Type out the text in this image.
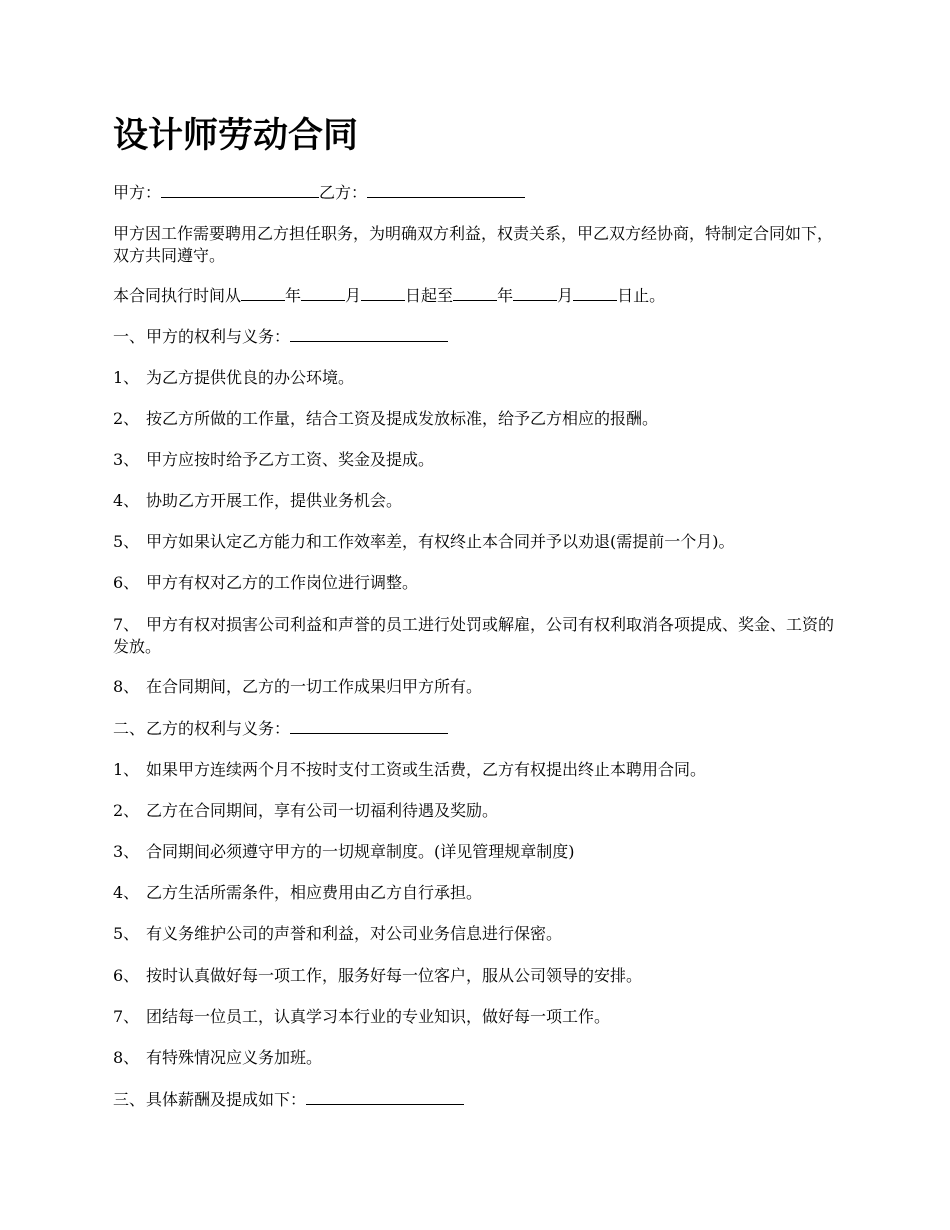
设计师劳动合同

甲方：	乙方：

甲方因工作需要聘用乙方担任职务，为明确双方利益，权责关系，甲乙双方经协商，特制定合同如下，双方共同遵守。

本合同执行时间从	年	月	日起至	年	月	日止。

一、甲方的权利与义务：

1、 为乙方提供优良的办公环境。

2、 按乙方所做的工作量，结合工资及提成发放标准，给予乙方相应的报酬。

3、 甲方应按时给予乙方工资、奖金及提成。

4、 协助乙方开展工作，提供业务机会。

5、 甲方如果认定乙方能力和工作效率差，有权终止本合同并予以劝退(需提前一个月)。

6、 甲方有权对乙方的工作岗位进行调整。

7、 甲方有权对损害公司利益和声誉的员工进行处罚或解雇，公司有权利取消各项提成、奖金、工资的发放。

8、 在合同期间，乙方的一切工作成果归甲方所有。

二、乙方的权利与义务：

1、 如果甲方连续两个月不按时支付工资或生活费，乙方有权提出终止本聘用合同。

2、 乙方在合同期间，享有公司一切福利待遇及奖励。

3、 合同期间必须遵守甲方的一切规章制度。(详见管理规章制度)

4、 乙方生活所需条件，相应费用由乙方自行承担。

5、 有义务维护公司的声誉和利益，对公司业务信息进行保密。

6、 按时认真做好每一项工作，服务好每一位客户，服从公司领导的安排。

7、 团结每一位员工，认真学习本行业的专业知识，做好每一项工作。

8、 有特殊情况应义务加班。

三、具体薪酬及提成如下：
